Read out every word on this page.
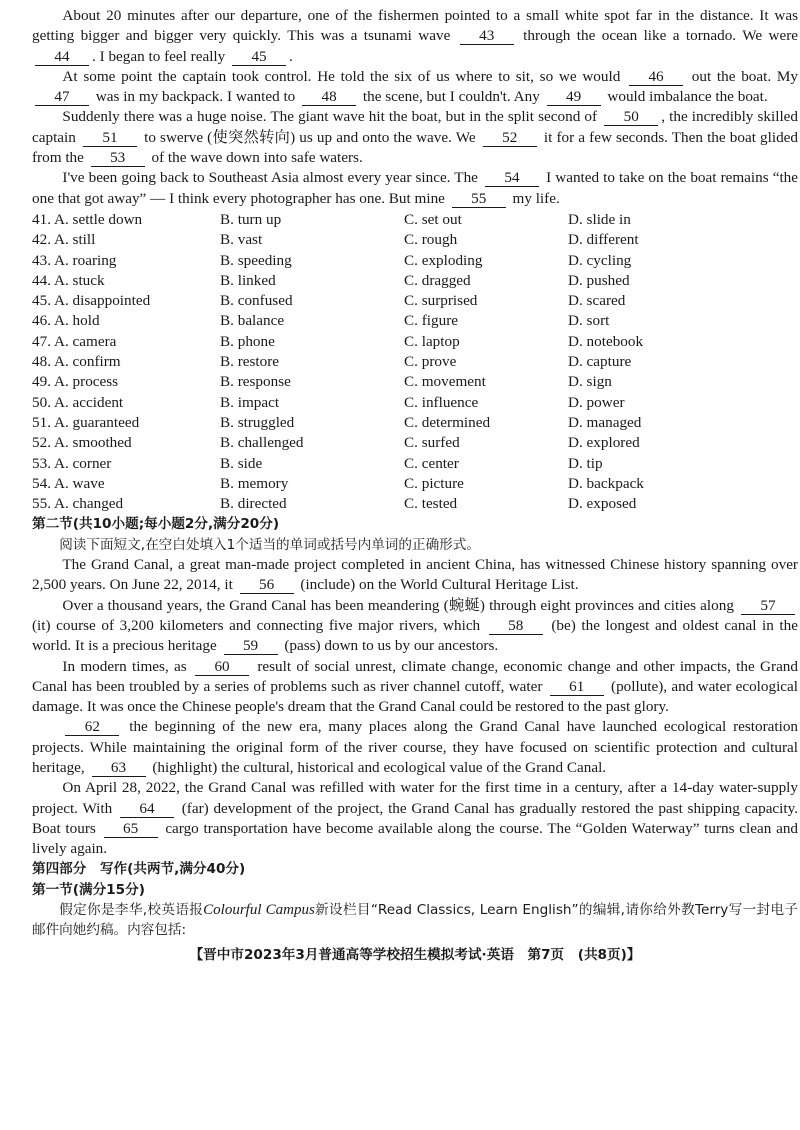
About 20 minutes after our departure, one of the fishermen pointed to a small white spot far in the distance. It was getting bigger and bigger very quickly. This was a tsunami wave 43 through the ocean like a tornado. We were 44 . I began to feel really 45 .

At some point the captain took control. He told the six of us where to sit, so we would 46 out the boat. My 47 was in my backpack. I wanted to 48 the scene, but I couldn't. Any 49 would imbalance the boat.

Suddenly there was a huge noise. The giant wave hit the boat, but in the split second of 50 , the incredibly skilled captain 51 to swerve (使突然转向) us up and onto the wave. We 52 it for a few seconds. Then the boat glided from the 53 of the wave down into safe waters.

I've been going back to Southeast Asia almost every year since. The 54 I wanted to take on the boat remains “the one that got away” — I think every photographer has one. But mine 55 my life.

41. A. settle down	B. turn up	C. set out	D. slide in
42. A. still	B. vast	C. rough	D. different
43. A. roaring	B. speeding	C. exploding	D. cycling
44. A. stuck	B. linked	C. dragged	D. pushed
45. A. disappointed	B. confused	C. surprised	D. scared
46. A. hold	B. balance	C. figure	D. sort
47. A. camera	B. phone	C. laptop	D. notebook
48. A. confirm	B. restore	C. prove	D. capture
49. A. process	B. response	C. movement	D. sign
50. A. accident	B. impact	C. influence	D. power
51. A. guaranteed	B. struggled	C. determined	D. managed
52. A. smoothed	B. challenged	C. surfed	D. explored
53. A. corner	B. side	C. center	D. tip
54. A. wave	B. memory	C. picture	D. backpack
55. A. changed	B. directed	C. tested	D. exposed
第二节(共10小题;每小题2分,满分20分)

阅读下面短文,在空白处填入1个适当的单词或括号内单词的正确形式。

The Grand Canal, a great man-made project completed in ancient China, has witnessed Chinese history spanning over 2,500 years. On June 22, 2014, it 56 (include) on the World Cultural Heritage List.

Over a thousand years, the Grand Canal has been meandering (蜿蜒) through eight provinces and cities along 57 (it) course of 3,200 kilometers and connecting five major rivers, which 58 (be) the longest and oldest canal in the world. It is a precious heritage 59 (pass) down to us by our ancestors.

In modern times, as 60 result of social unrest, climate change, economic change and other impacts, the Grand Canal has been troubled by a series of problems such as river channel cutoff, water 61 (pollute), and water ecological damage. It was once the Chinese people's dream that the Grand Canal could be restored to the past glory.

62 the beginning of the new era, many places along the Grand Canal have launched ecological restoration projects. While maintaining the original form of the river course, they have focused on scientific protection and cultural heritage, 63 (highlight) the cultural, historical and ecological value of the Grand Canal.

On April 28, 2022, the Grand Canal was refilled with water for the first time in a century, after a 14-day water-supply project. With 64 (far) development of the project, the Grand Canal has gradually restored the past shipping capacity. Boat tours 65 cargo transportation have become available along the course. The “Golden Waterway” turns clean and lively again.

第四部分　写作(共两节,满分40分)
第一节(满分15分)

假定你是李华,校英语报Colourful Campus新设栏目“Read Classics, Learn English”的编辑,请你给外教Terry写一封电子邮件向她约稿。内容包括:

【晋中市2023年3月普通高等学校招生模拟考试·英语　第7页　(共8页)】
